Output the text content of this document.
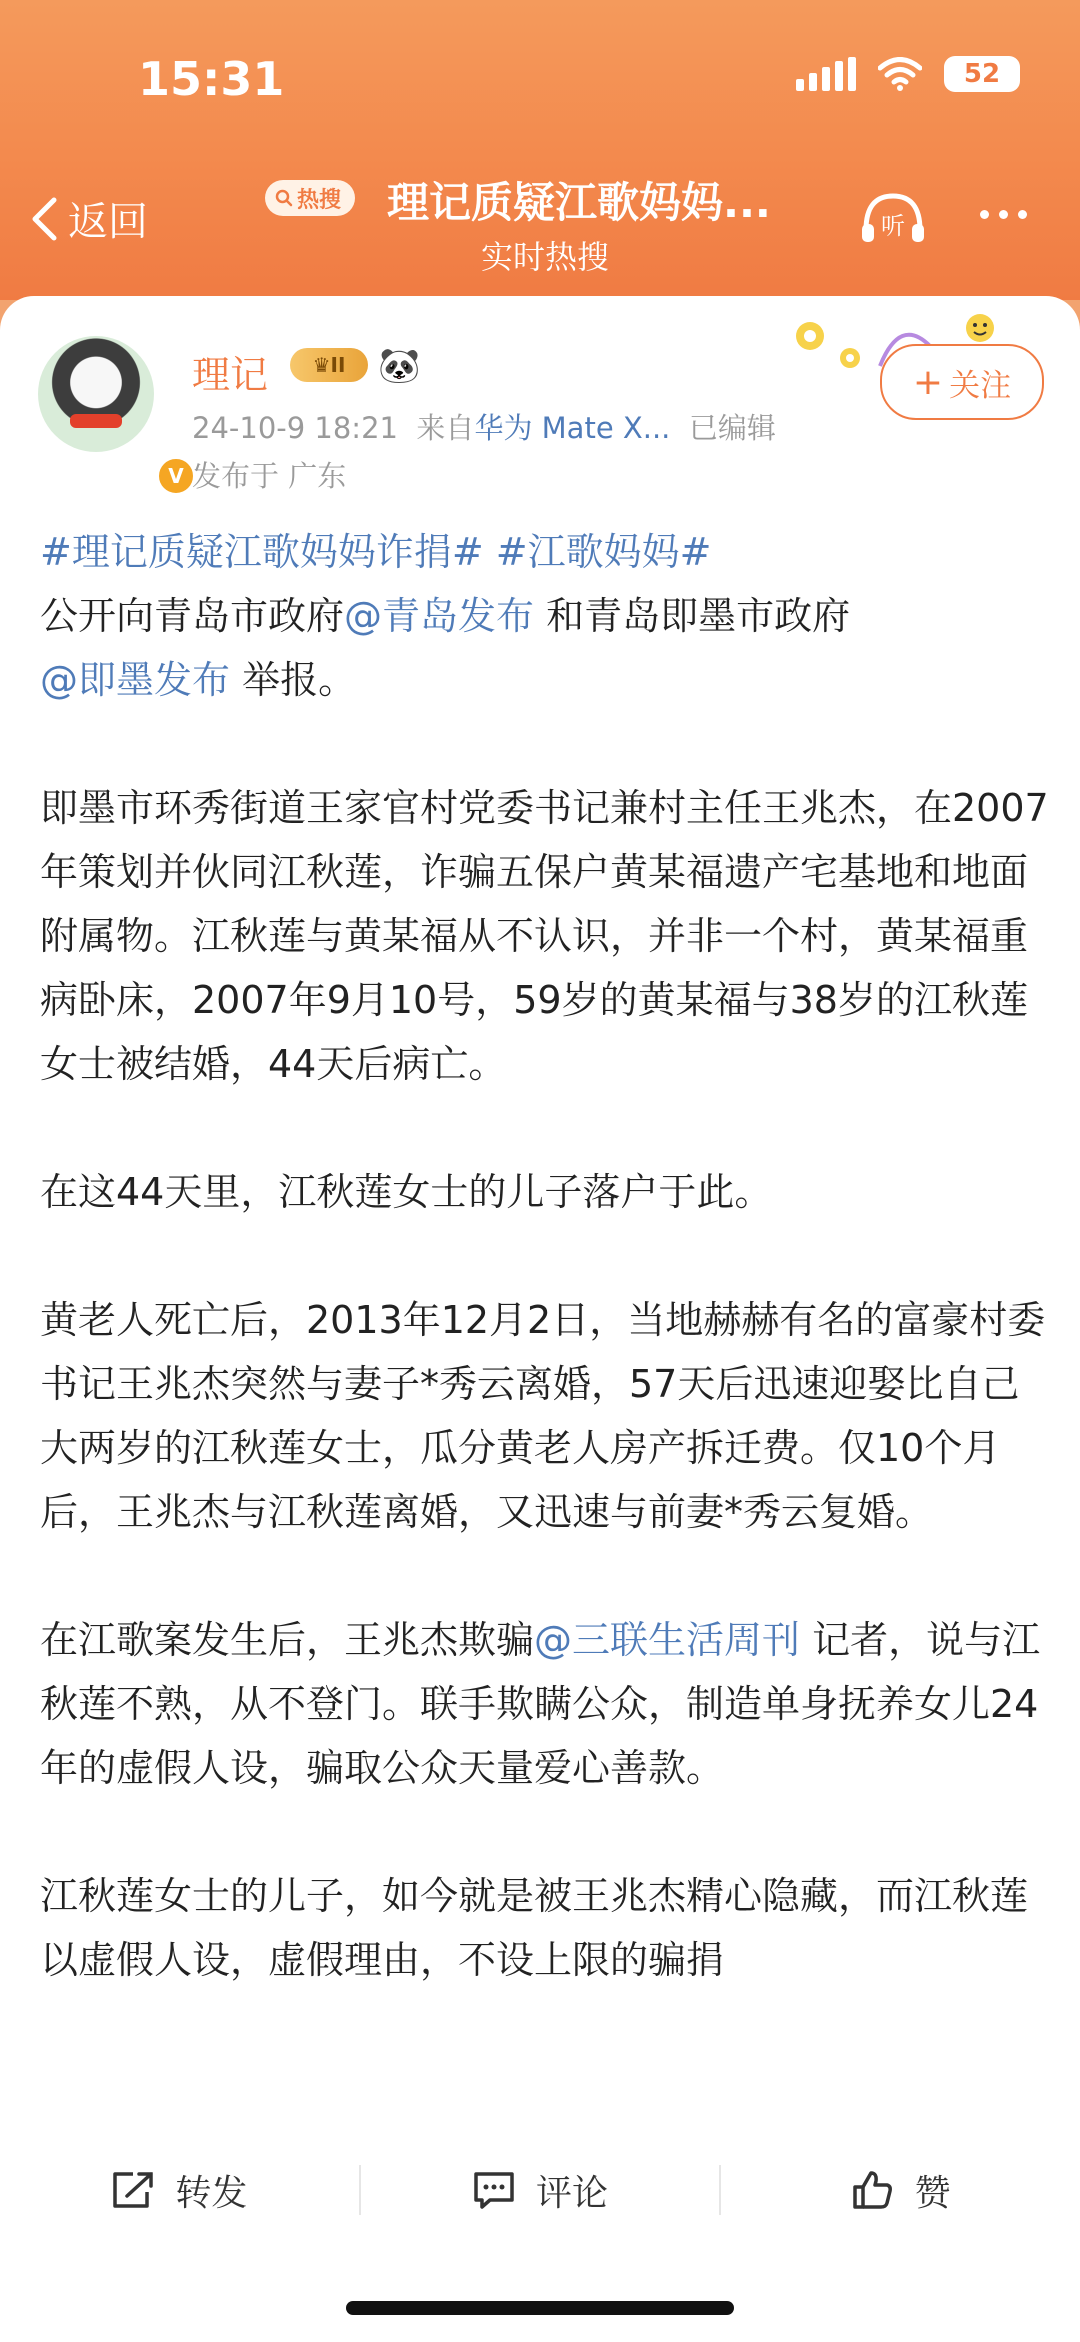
15:31	52
返回	热搜 理记质疑江歌妈妈...
实时热搜
听
V
理记	♛ II 🐼
24-10-9 18:21 来自华为 Mate X... 已编辑
发布于 广东
+ 关注

#理记质疑江歌妈妈诈捐# #江歌妈妈#
公开向青岛市政府@青岛发布 和青岛即墨市政府
@即墨发布 举报。

即墨市环秀街道王家官村党委书记兼村主任王兆杰，在2007年策划并伙同江秋莲，诈骗五保户黄某福遗产宅基地和地面附属物。江秋莲与黄某福从不认识，并非一个村，黄某福重病卧床，2007年9月10号，59岁的黄某福与38岁的江秋莲女士被结婚，44天后病亡。

在这44天里，江秋莲女士的儿子落户于此。

黄老人死亡后，2013年12月2日，当地赫赫有名的富豪村委书记王兆杰突然与妻子*秀云离婚，57天后迅速迎娶比自己大两岁的江秋莲女士，瓜分黄老人房产拆迁费。仅10个月后，王兆杰与江秋莲离婚，又迅速与前妻*秀云复婚。

在江歌案发生后，王兆杰欺骗@三联生活周刊 记者，说与江秋莲不熟，从不登门。联手欺瞒公众，制造单身抚养女儿24年的虚假人设，骗取公众天量爱心善款。

江秋莲女士的儿子，如今就是被王兆杰精心隐藏，而江秋莲以虚假人设，虚假理由，不设上限的骗捐

转发	评论	赞
